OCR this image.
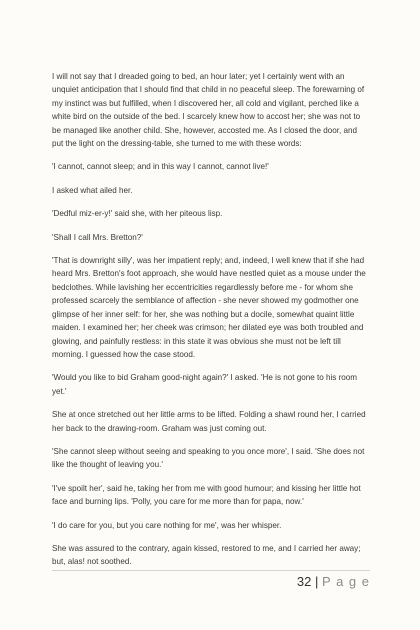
I will not say that I dreaded going to bed, an hour later; yet I certainly went with an unquiet anticipation that I should find that child in no peaceful sleep. The forewarning of my instinct was but fulfilled, when I discovered her, all cold and vigilant, perched like a white bird on the outside of the bed. I scarcely knew how to accost her; she was not to be managed like another child. She, however, accosted me. As I closed the door, and put the light on the dressing-table, she turned to me with these words:

'I cannot, cannot sleep; and in this way I cannot, cannot live!'

I asked what ailed her.

'Dedful miz-er-y!' said she, with her piteous lisp.

'Shall I call Mrs. Bretton?'

'That is downright silly', was her impatient reply; and, indeed, I well knew that if she had heard Mrs. Bretton's foot approach, she would have nestled quiet as a mouse under the bedclothes. While lavishing her eccentricities regardlessly before me - for whom she professed scarcely the semblance of affection - she never showed my godmother one glimpse of her inner self: for her, she was nothing but a docile, somewhat quaint little maiden. I examined her; her cheek was crimson; her dilated eye was both troubled and glowing, and painfully restless: in this state it was obvious she must not be left till morning. I guessed how the case stood.

'Would you like to bid Graham good-night again?' I asked. 'He is not gone to his room yet.'

She at once stretched out her little arms to be lifted. Folding a shawl round her, I carried her back to the drawing-room. Graham was just coming out.

'She cannot sleep without seeing and speaking to you once more', I said. 'She does not like the thought of leaving you.'

'I've spoilt her', said he, taking her from me with good humour; and kissing her little hot face and burning lips. 'Polly, you care for me more than for papa, now.'

'I do care for you, but you care nothing for me', was her whisper.

She was assured to the contrary, again kissed, restored to me, and I carried her away; but, alas! not soothed.

32 | P a g e
